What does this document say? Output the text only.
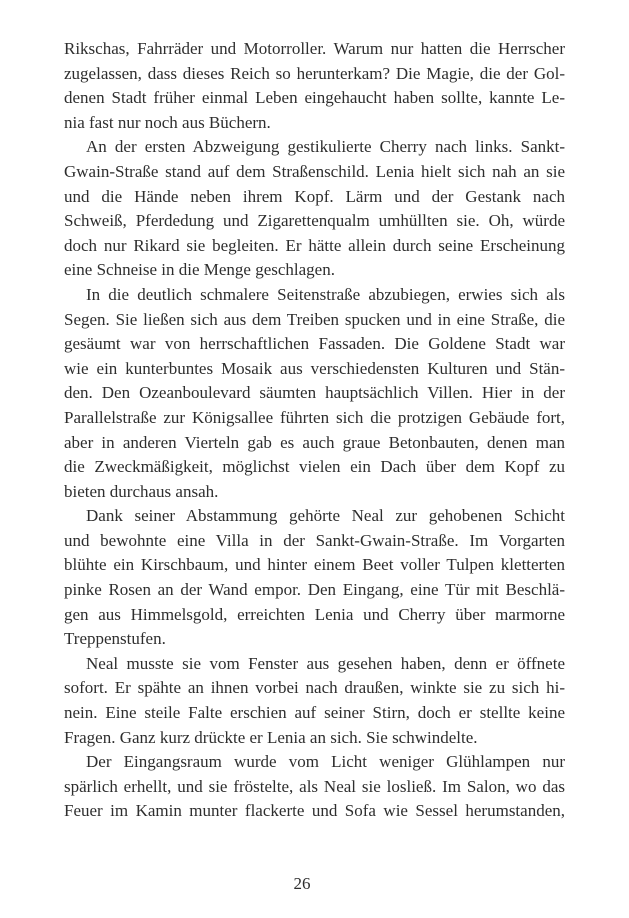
Rikschas, Fahrräder und Motorroller. Warum nur hatten die Herrscher
zugelassen, dass dieses Reich so herunterkam? Die Magie, die der Gol-
denen Stadt früher einmal Leben eingehaucht haben sollte, kannte Le-
nia fast nur noch aus Büchern.

An der ersten Abzweigung gestikulierte Cherry nach links. Sankt-
Gwain-Straße stand auf dem Straßenschild. Lenia hielt sich nah an sie
und die Hände neben ihrem Kopf. Lärm und der Gestank nach
Schweiß, Pferdedung und Zigarettenqualm umhüllten sie. Oh, würde
doch nur Rikard sie begleiten. Er hätte allein durch seine Erscheinung
eine Schneise in die Menge geschlagen.

In die deutlich schmalere Seitenstraße abzubiegen, erwies sich als
Segen. Sie ließen sich aus dem Treiben spucken und in eine Straße, die
gesäumt war von herrschaftlichen Fassaden. Die Goldene Stadt war
wie ein kunterbuntes Mosaik aus verschiedensten Kulturen und Stän-
den. Den Ozeanboulevard säumten hauptsächlich Villen. Hier in der
Parallelstraße zur Königsallee führten sich die protzigen Gebäude fort,
aber in anderen Vierteln gab es auch graue Betonbauten, denen man
die Zweckmäßigkeit, möglichst vielen ein Dach über dem Kopf zu
bieten durchaus ansah.

Dank seiner Abstammung gehörte Neal zur gehobenen Schicht
und bewohnte eine Villa in der Sankt-Gwain-Straße. Im Vorgarten
blühte ein Kirschbaum, und hinter einem Beet voller Tulpen kletterten
pinke Rosen an der Wand empor. Den Eingang, eine Tür mit Beschlä-
gen aus Himmelsgold, erreichten Lenia und Cherry über marmorne
Treppenstufen.

Neal musste sie vom Fenster aus gesehen haben, denn er öffnete
sofort. Er spähte an ihnen vorbei nach draußen, winkte sie zu sich hi-
nein. Eine steile Falte erschien auf seiner Stirn, doch er stellte keine
Fragen. Ganz kurz drückte er Lenia an sich. Sie schwindelte.

Der Eingangsraum wurde vom Licht weniger Glühlampen nur
spärlich erhellt, und sie fröstelte, als Neal sie losließ. Im Salon, wo das
Feuer im Kamin munter flackerte und Sofa wie Sessel herumstanden,

26
